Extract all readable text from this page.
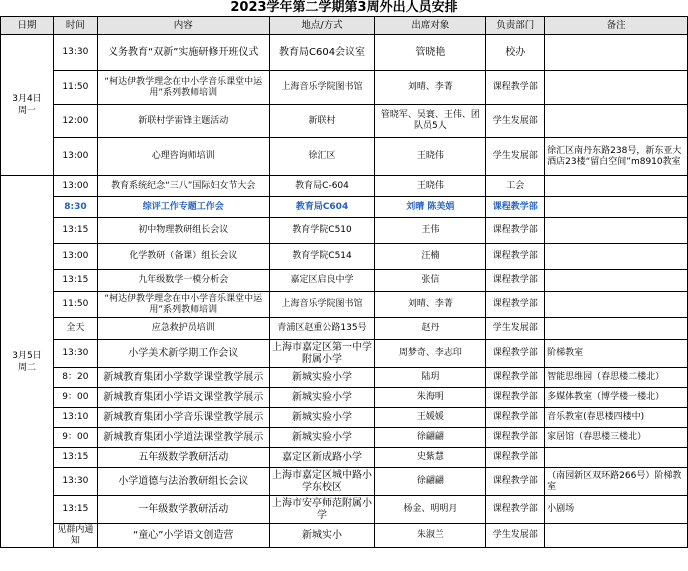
2023学年第二学期第3周外出人员安排
日期	时间	内容	地点/方式	出席对象	负责部门	备注
3月4日
周一	13:30	义务教育“双新”实施研修开班仪式	教育局C604会议室	管晓艳	校办	
	11:50	“柯达伊教学理念在中小学音乐课堂中运用”系列教师培训	上海音乐学院图书馆	刘晴、李菁	课程教学部	
	12:00	新联村学雷锋主题活动	新联村	管晓军、吴寰、王伟、团队员5人	学生发展部	
	13:00	心理咨询师培训	徐汇区	王晓伟	学生发展部	徐汇区南丹东路238号，新东亚大酒店23楼“留白空间”m8910教室
3月5日
周二	13:00	教育系统纪念“三八”国际妇女节大会	教育局C-604	王晓伟	工会	
	8:30	综评工作专题工作会	教育局C604	刘晴 陈美娟	课程教学部	
	13:15	初中物理教研组长会议	教育学院C510	王伟	课程教学部	
	13:00	化学教研（备课）组长会议	教育学院C514	汪楠	课程教学部	
	13:15	九年级数学一模分析会	嘉定区启良中学	张信	课程教学部	
	11:50	“柯达伊教学理念在中小学音乐课堂中运用”系列教师培训	上海音乐学院图书馆	刘晴、李菁	课程教学部	
	全天	应急救护员培训	青浦区赵重公路135号	赵丹	学生发展部	
	13:30	小学美术新学期工作会议	上海市嘉定区第一中学附属小学	周梦奇、李志印	课程教学部	阶梯教室
	8：20	新城教育集团小学数学课堂教学展示	新城实验小学	陆玥	课程教学部	智能思维园（春思楼二楼北）
	9：00	新城教育集团小学语文课堂教学展示	新城实验小学	朱海明	课程教学部	多媒体教室（博学楼一楼北）
	13:10	新城教育集团小学音乐课堂教学展示	新城实验小学	王媛媛	课程教学部	音乐教室(春思楼四楼中)
	9：00	新城教育集团小学道法课堂教学展示	新城实验小学	徐翩翩	课程教学部	家居馆（春思楼三楼北）
	13:15	五年级数学教研活动	嘉定区新成路小学	史紫慧	课程教学部	
	13:30	小学道德与法治教研组长会议	上海市嘉定区城中路小学东校区	徐翩翩	课程教学部	（南园新区双环路266号）阶梯教室
	13:15	一年级数学教研活动	上海市安亭师范附属小学	杨金、明明月	课程教学部	小剧场
	见群内通知	“童心”小学语文创造营	新城实小	朱淑兰	学生发展部	
